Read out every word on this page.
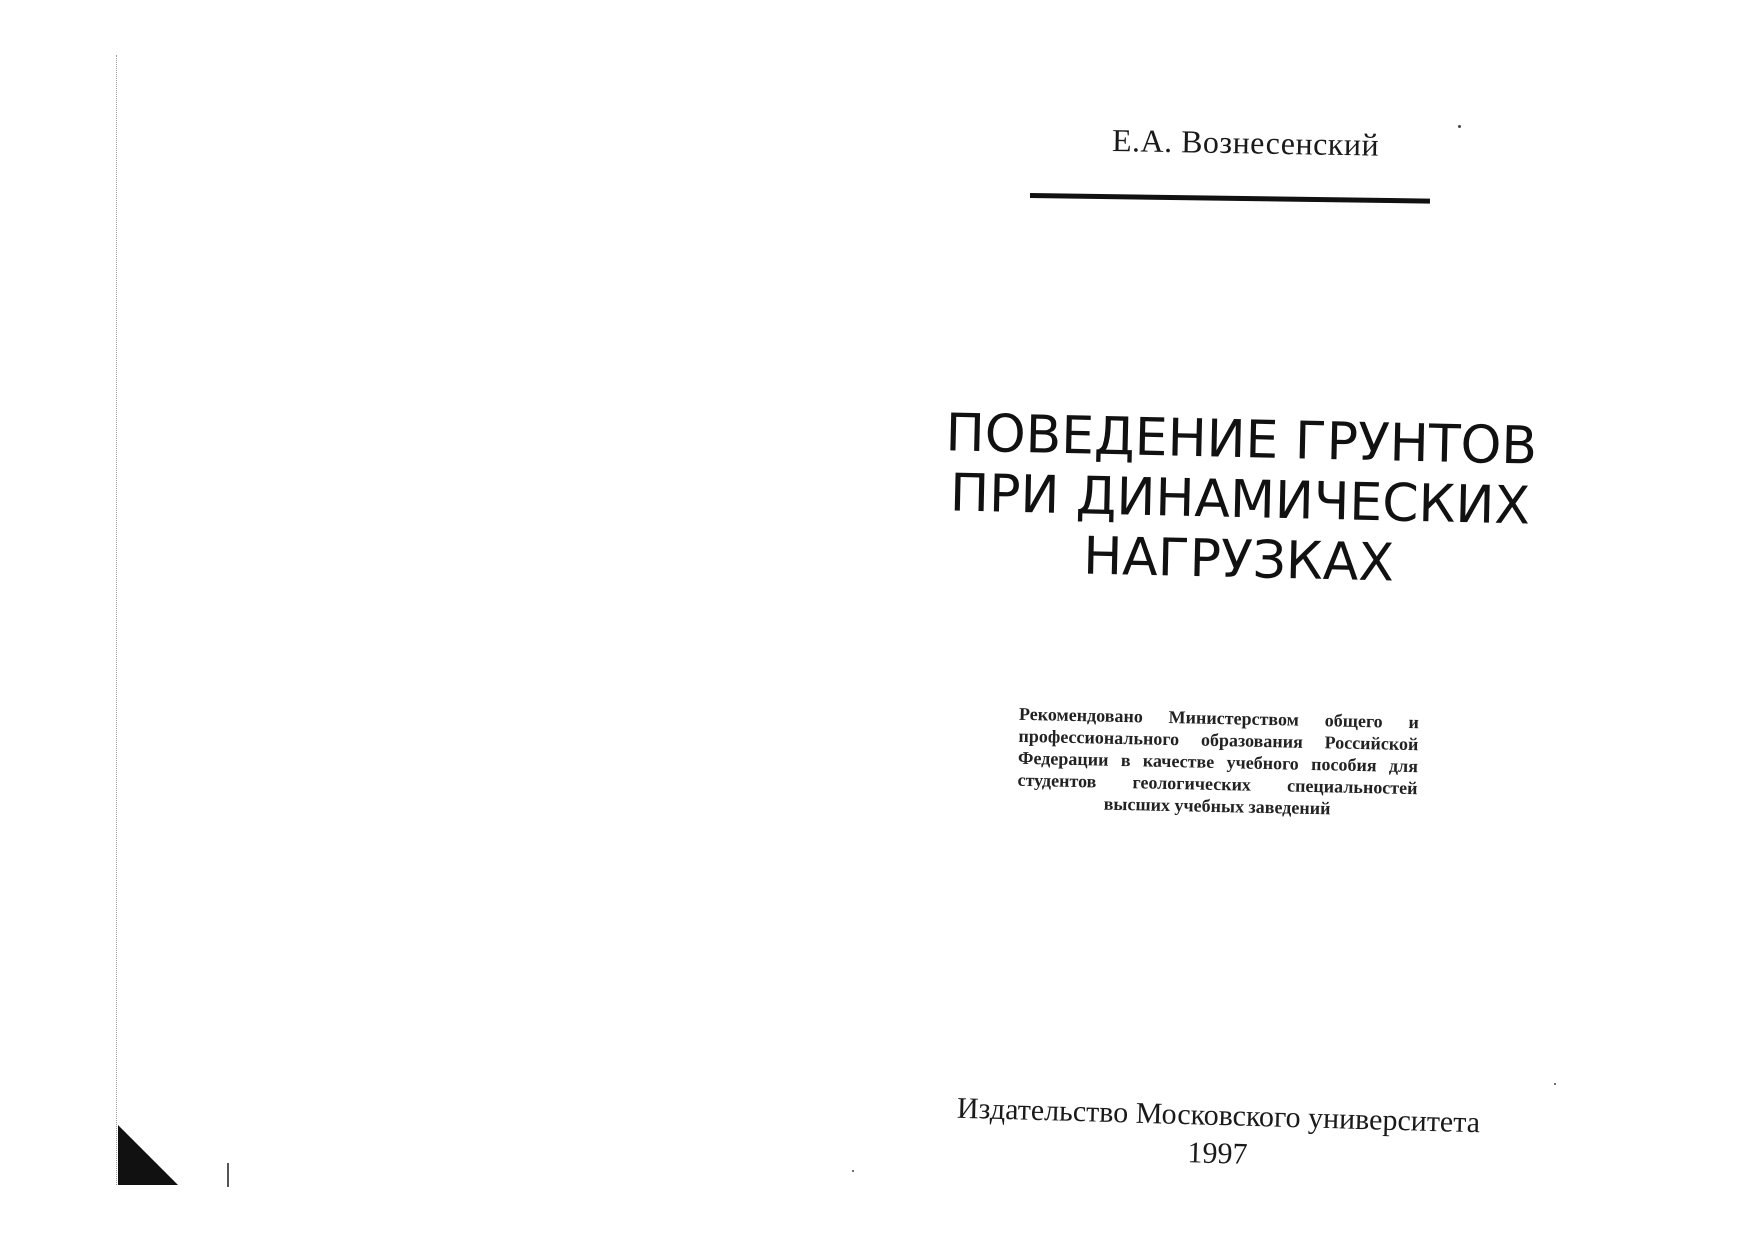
Е.А. Вознесенский
ПОВЕДЕНИЕ ГРУНТОВ
ПРИ ДИНАМИЧЕСКИХ
НАГРУЗКАХ
Рекомендовано Министерством общего и профессионального образования Российской Федерации в качестве учебного пособия для студентов геологических специальностей высших учебных заведений
Издательство Московского университета
1997
